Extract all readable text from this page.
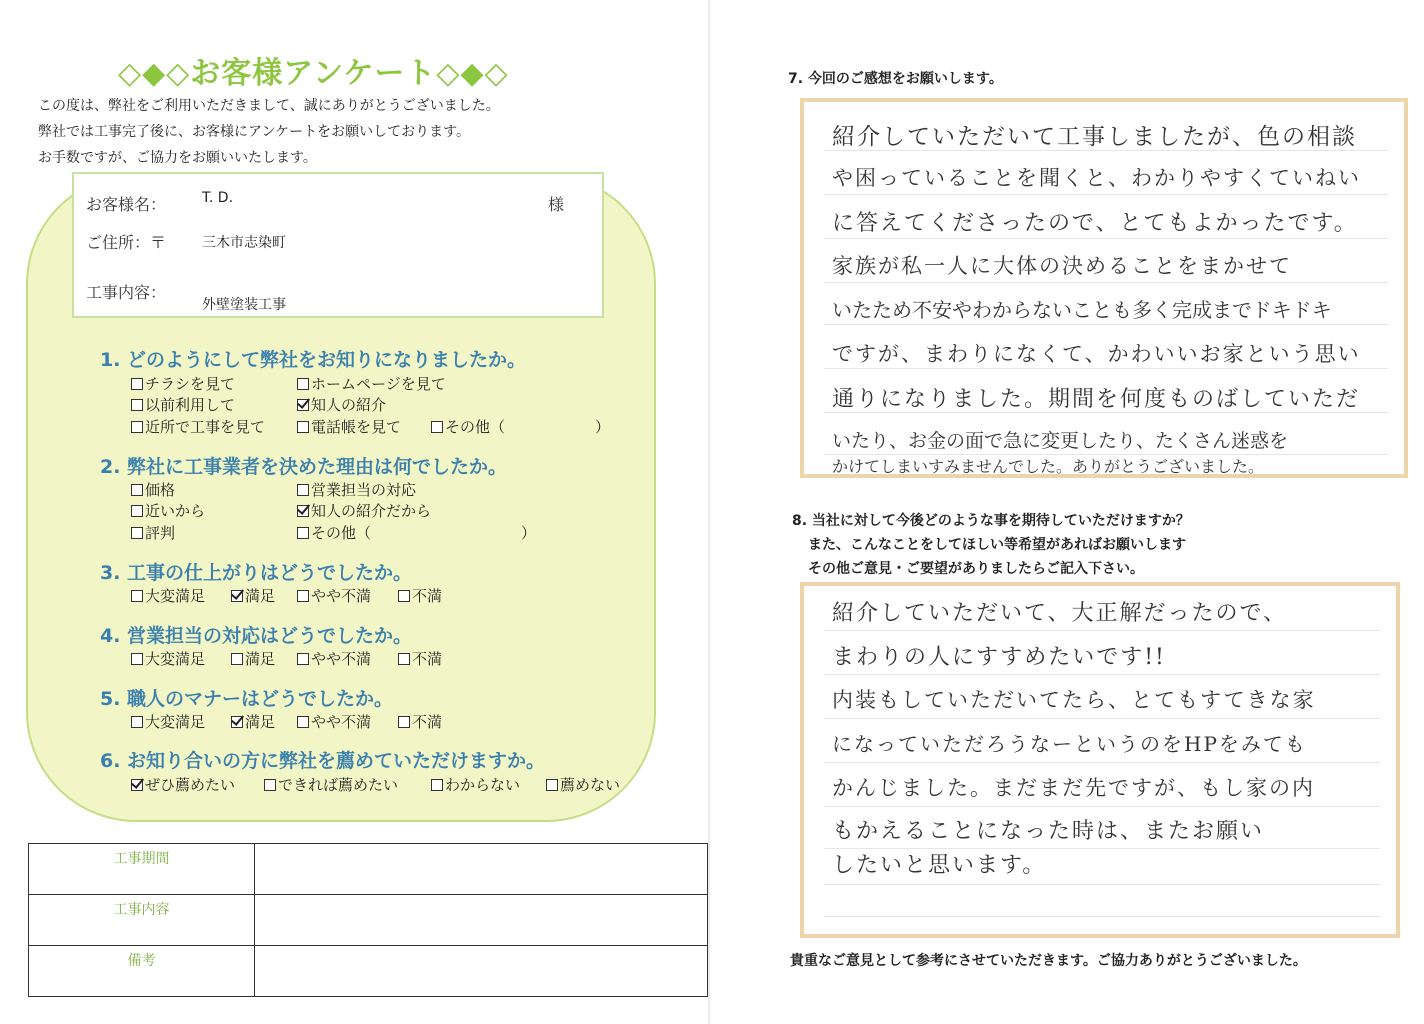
◇◆◇お客様アンケート◇◆◇
この度は、弊社をご利用いただきまして、誠にありがとうございました。
弊社では工事完了後に、お客様にアンケートをお願いしております。
お手数ですが、ご協力をお願いいたします。
お客様名：	T. D.	様
ご住所：〒	三木市志染町
工事内容：
外壁塗装工事
1. どのようにして弊社をお知りになりましたか。
チラシを見て	ホームページを見て
以前利用して	知人の紹介
近所で工事を見て	電話帳を見て	その他（　　　　　　）
2. 弊社に工事業者を決めた理由は何でしたか。
価格	営業担当の対応
近いから	知人の紹介だから
評判	その他（　　　　　　　　　　）
3. 工事の仕上がりはどうでしたか。
大変満足	満足	やや不満	不満
4. 営業担当の対応はどうでしたか。
大変満足	満足	やや不満	不満
5. 職人のマナーはどうでしたか。
大変満足	満足	やや不満	不満
6. お知り合いの方に弊社を薦めていただけますか。
ぜひ薦めたい	できれば薦めたい	わからない	薦めない
工事期間
工事内容
備考
7. 今回のご感想をお願いします。
紹介していただいて工事しましたが、色の相談
や困っていることを聞くと、わかりやすくていねい
に答えてくださったので、とてもよかったです。
家族が私一人に大体の決めることをまかせて
いたため不安やわからないことも多く完成までドキドキ
ですが、まわりになくて、かわいいお家という思い
通りになりました。期間を何度ものばしていただ
いたり、お金の面で急に変更したり、たくさん迷惑を
かけてしまいすみませんでした。ありがとうございました。
8. 当社に対して今後どのような事を期待していただけますか？
また、こんなことをしてほしい等希望があればお願いします
その他ご意見・ご要望がありましたらご記入下さい。
紹介していただいて、大正解だったので、
まわりの人にすすめたいです!!
内装もしていただいてたら、とてもすてきな家
になっていただろうなーというのをHPをみても
かんじました。まだまだ先ですが、もし家の内
もかえることになった時は、またお願い
したいと思います。
貴重なご意見として参考にさせていただきます。ご協力ありがとうございました。
